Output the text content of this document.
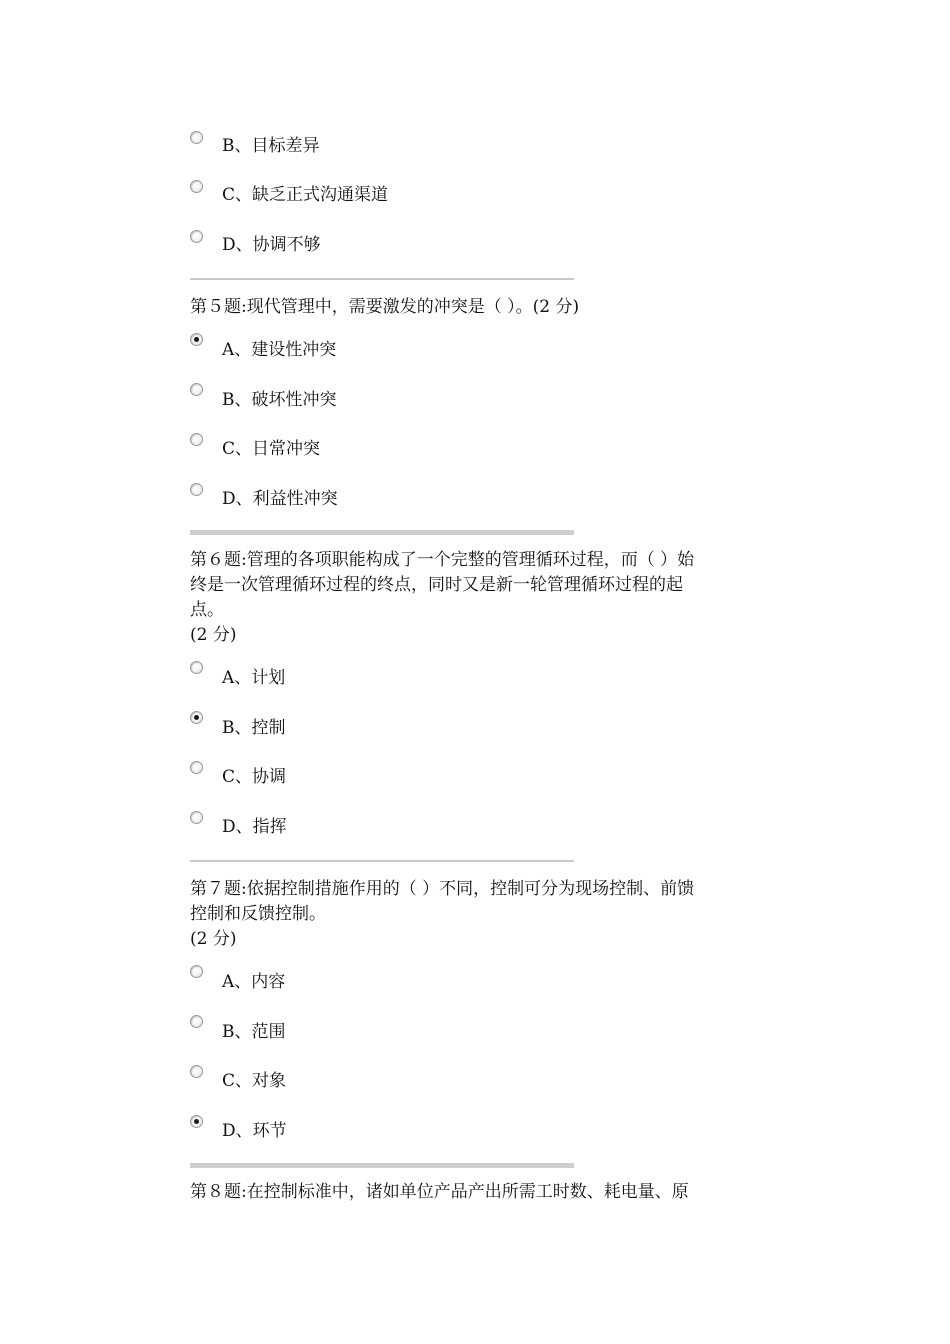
B、目标差异
C、缺乏正式沟通渠道
D、协调不够
第５题:现代管理中，需要激发的冲突是（ ）。(2 分)
A、建设性冲突
B、破坏性冲突
C、日常冲突
D、利益性冲突
第６题:管理的各项职能构成了一个完整的管理循环过程，而（ ）始
终是一次管理循环过程的终点，同时又是新一轮管理循环过程的起
点。
(2 分)
A、计划
B、控制
C、协调
D、指挥
第７题:依据控制措施作用的（ ）不同，控制可分为现场控制、前馈
控制和反馈控制。
(2 分)
A、内容
B、范围
C、对象
D、环节
第８题:在控制标准中，诸如单位产品产出所需工时数、耗电量、原
